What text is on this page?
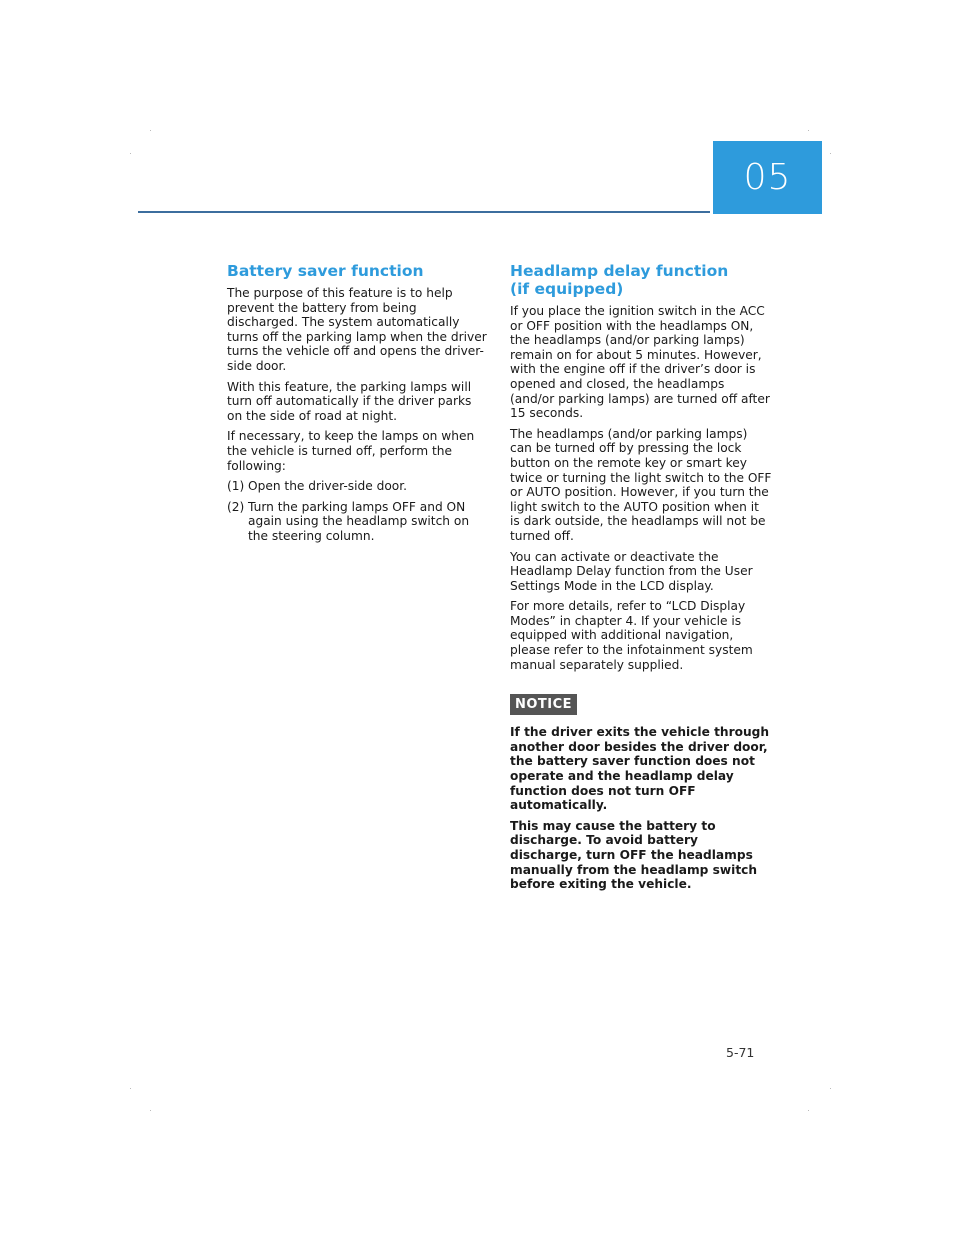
05
Battery saver function

The purpose of this feature is to help prevent the battery from being discharged. The system automatically turns off the parking lamp when the driver turns the vehicle off and opens the driver-side door.

With this feature, the parking lamps will turn off automatically if the driver parks on the side of road at night.

If necessary, to keep the lamps on when the vehicle is turned off, perform the following:

(1) Open the driver-side door.
(2) Turn the parking lamps OFF and ON again using the headlamp switch on the steering column.
Headlamp delay function
(if equipped)

If you place the ignition switch in the ACC or OFF position with the headlamps ON, the headlamps (and/or parking lamps) remain on for about 5 minutes. However, with the engine off if the driver’s door is opened and closed, the headlamps (and/or parking lamps) are turned off after 15 seconds.

The headlamps (and/or parking lamps) can be turned off by pressing the lock button on the remote key or smart key twice or turning the light switch to the OFF or AUTO position. However, if you turn the light switch to the AUTO position when it is dark outside, the headlamps will not be turned off.

You can activate or deactivate the Headlamp Delay function from the User Settings Mode in the LCD display.

For more details, refer to “LCD Display Modes” in chapter 4. If your vehicle is equipped with additional navigation, please refer to the infotainment system manual separately supplied.

NOTICE

If the driver exits the vehicle through another door besides the driver door, the battery saver function does not operate and the headlamp delay function does not turn OFF automatically.

This may cause the battery to discharge. To avoid battery discharge, turn OFF the headlamps manually from the headlamp switch before exiting the vehicle.

5-71
